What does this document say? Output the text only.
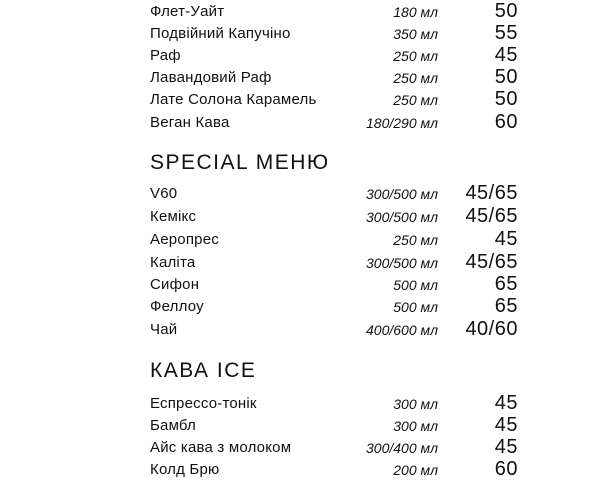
Флет-Уайт	180 мл	50
Подвійний Капучіно	350 мл	55
Раф	250 мл	45
Лавандовий Раф	250 мл	50
Лате Солона Карамель	250 мл	50
Веган Кава	180/290 мл	60
SPECIAL МЕНЮ
V60	300/500 мл 45/65
Кемікс	300/500 мл 45/65
Аеропрес	250 мл	45
Каліта	300/500 мл 45/65
Сифон	500 мл	65
Феллоу	500 мл	65
Чай	400/600 мл 40/60
КАВА ICE
Еспрессо-тонік	300 мл	45
Бамбл	300 мл	45
Айс кава з молоком	300/400 мл	45
Колд Брю	200 мл	60
